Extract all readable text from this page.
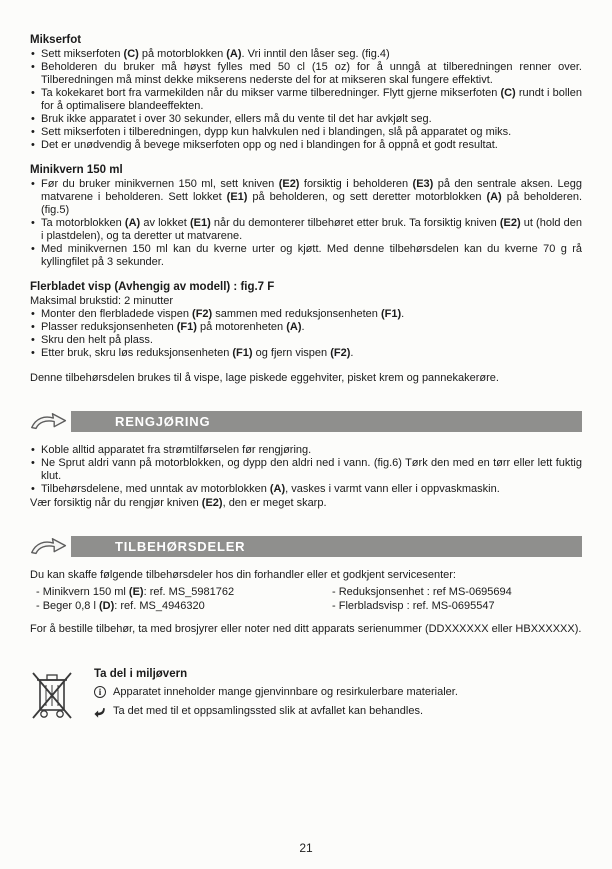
Mikserfot
• Sett mikserfoten (C) på motorblokken (A). Vri inntil den låser seg. (fig.4)
• Beholderen du bruker må høyst fylles med 50 cl (15 oz) for å unngå at tilberedningen renner over. Tilberedningen må minst dekke mikserens nederste del for at mikseren skal fungere effektivt.
• Ta kokekaret bort fra varmekilden når du mikser varme tilberedninger. Flytt gjerne mikserfoten (C) rundt i bollen for å optimalisere blandeeffekten.
• Bruk ikke apparatet i over 30 sekunder, ellers må du vente til det har avkjølt seg.
• Sett mikserfoten i tilberedningen, dypp kun halvkulen ned i blandingen, slå på apparatet og miks.
• Det er unødvendig å bevege mikserfoten opp og ned i blandingen for å oppnå et godt resultat.
Minikvern 150 ml
• Før du bruker minikvernen 150 ml, sett kniven (E2) forsiktig i beholderen (E3) på den sentrale aksen. Legg matvarene i beholderen. Sett lokket (E1) på beholderen, og sett deretter motorblokken (A) på beholderen. (fig.5)
• Ta motorblokken (A) av lokket (E1) når du demonterer tilbehøret etter bruk. Ta forsiktig kniven (E2) ut (hold den i plastdelen), og ta deretter ut matvarene.
• Med minikvernen 150 ml kan du kverne urter og kjøtt. Med denne tilbehørsdelen kan du kverne 70 g rå kyllingfilet på 3 sekunder.
Flerbladet visp (Avhengig av modell) : fig.7 F
Maksimal brukstid: 2 minutter
• Monter den flerbladede vispen (F2) sammen med reduksjonsenheten (F1).
• Plasser reduksjonsenheten (F1) på motorenheten (A).
• Skru den helt på plass.
• Etter bruk, skru løs reduksjonsenheten (F1) og fjern vispen (F2).
Denne tilbehørsdelen brukes til å vispe, lage piskede eggehviter, pisket krem og pannekakerøre.
RENGJØRING
• Koble alltid apparatet fra strømtilførselen før rengjøring.
• Ne Sprut aldri vann på motorblokken, og dypp den aldri ned i vann. (fig.6) Tørk den med en tørr eller lett fuktig klut.
• Tilbehørsdelene, med unntak av motorblokken (A), vaskes i varmt vann eller i oppvaskmaskin.
Vær forsiktig når du rengjør kniven (E2), den er meget skarp.
TILBEHØRSDELER
Du kan skaffe følgende tilbehørsdeler hos din forhandler eller et godkjent servicesenter:
- Minikvern 150 ml (E): ref. MS_5981762
- Beger 0,8 l (D): ref. MS_4946320
- Reduksjonsenhet : ref MS-0695694
- Flerbladsvisp : ref. MS-0695547
For å bestille tilbehør, ta med brosjyrer eller noter ned ditt apparats serienummer (DDXXXXXX eller HBXXXXXX).
Ta del i miljøvern
i	Apparatet inneholder mange gjenvinnbare og resirkulerbare materialer.
Ta det med til et oppsamlingssted slik at avfallet kan behandles.
21
